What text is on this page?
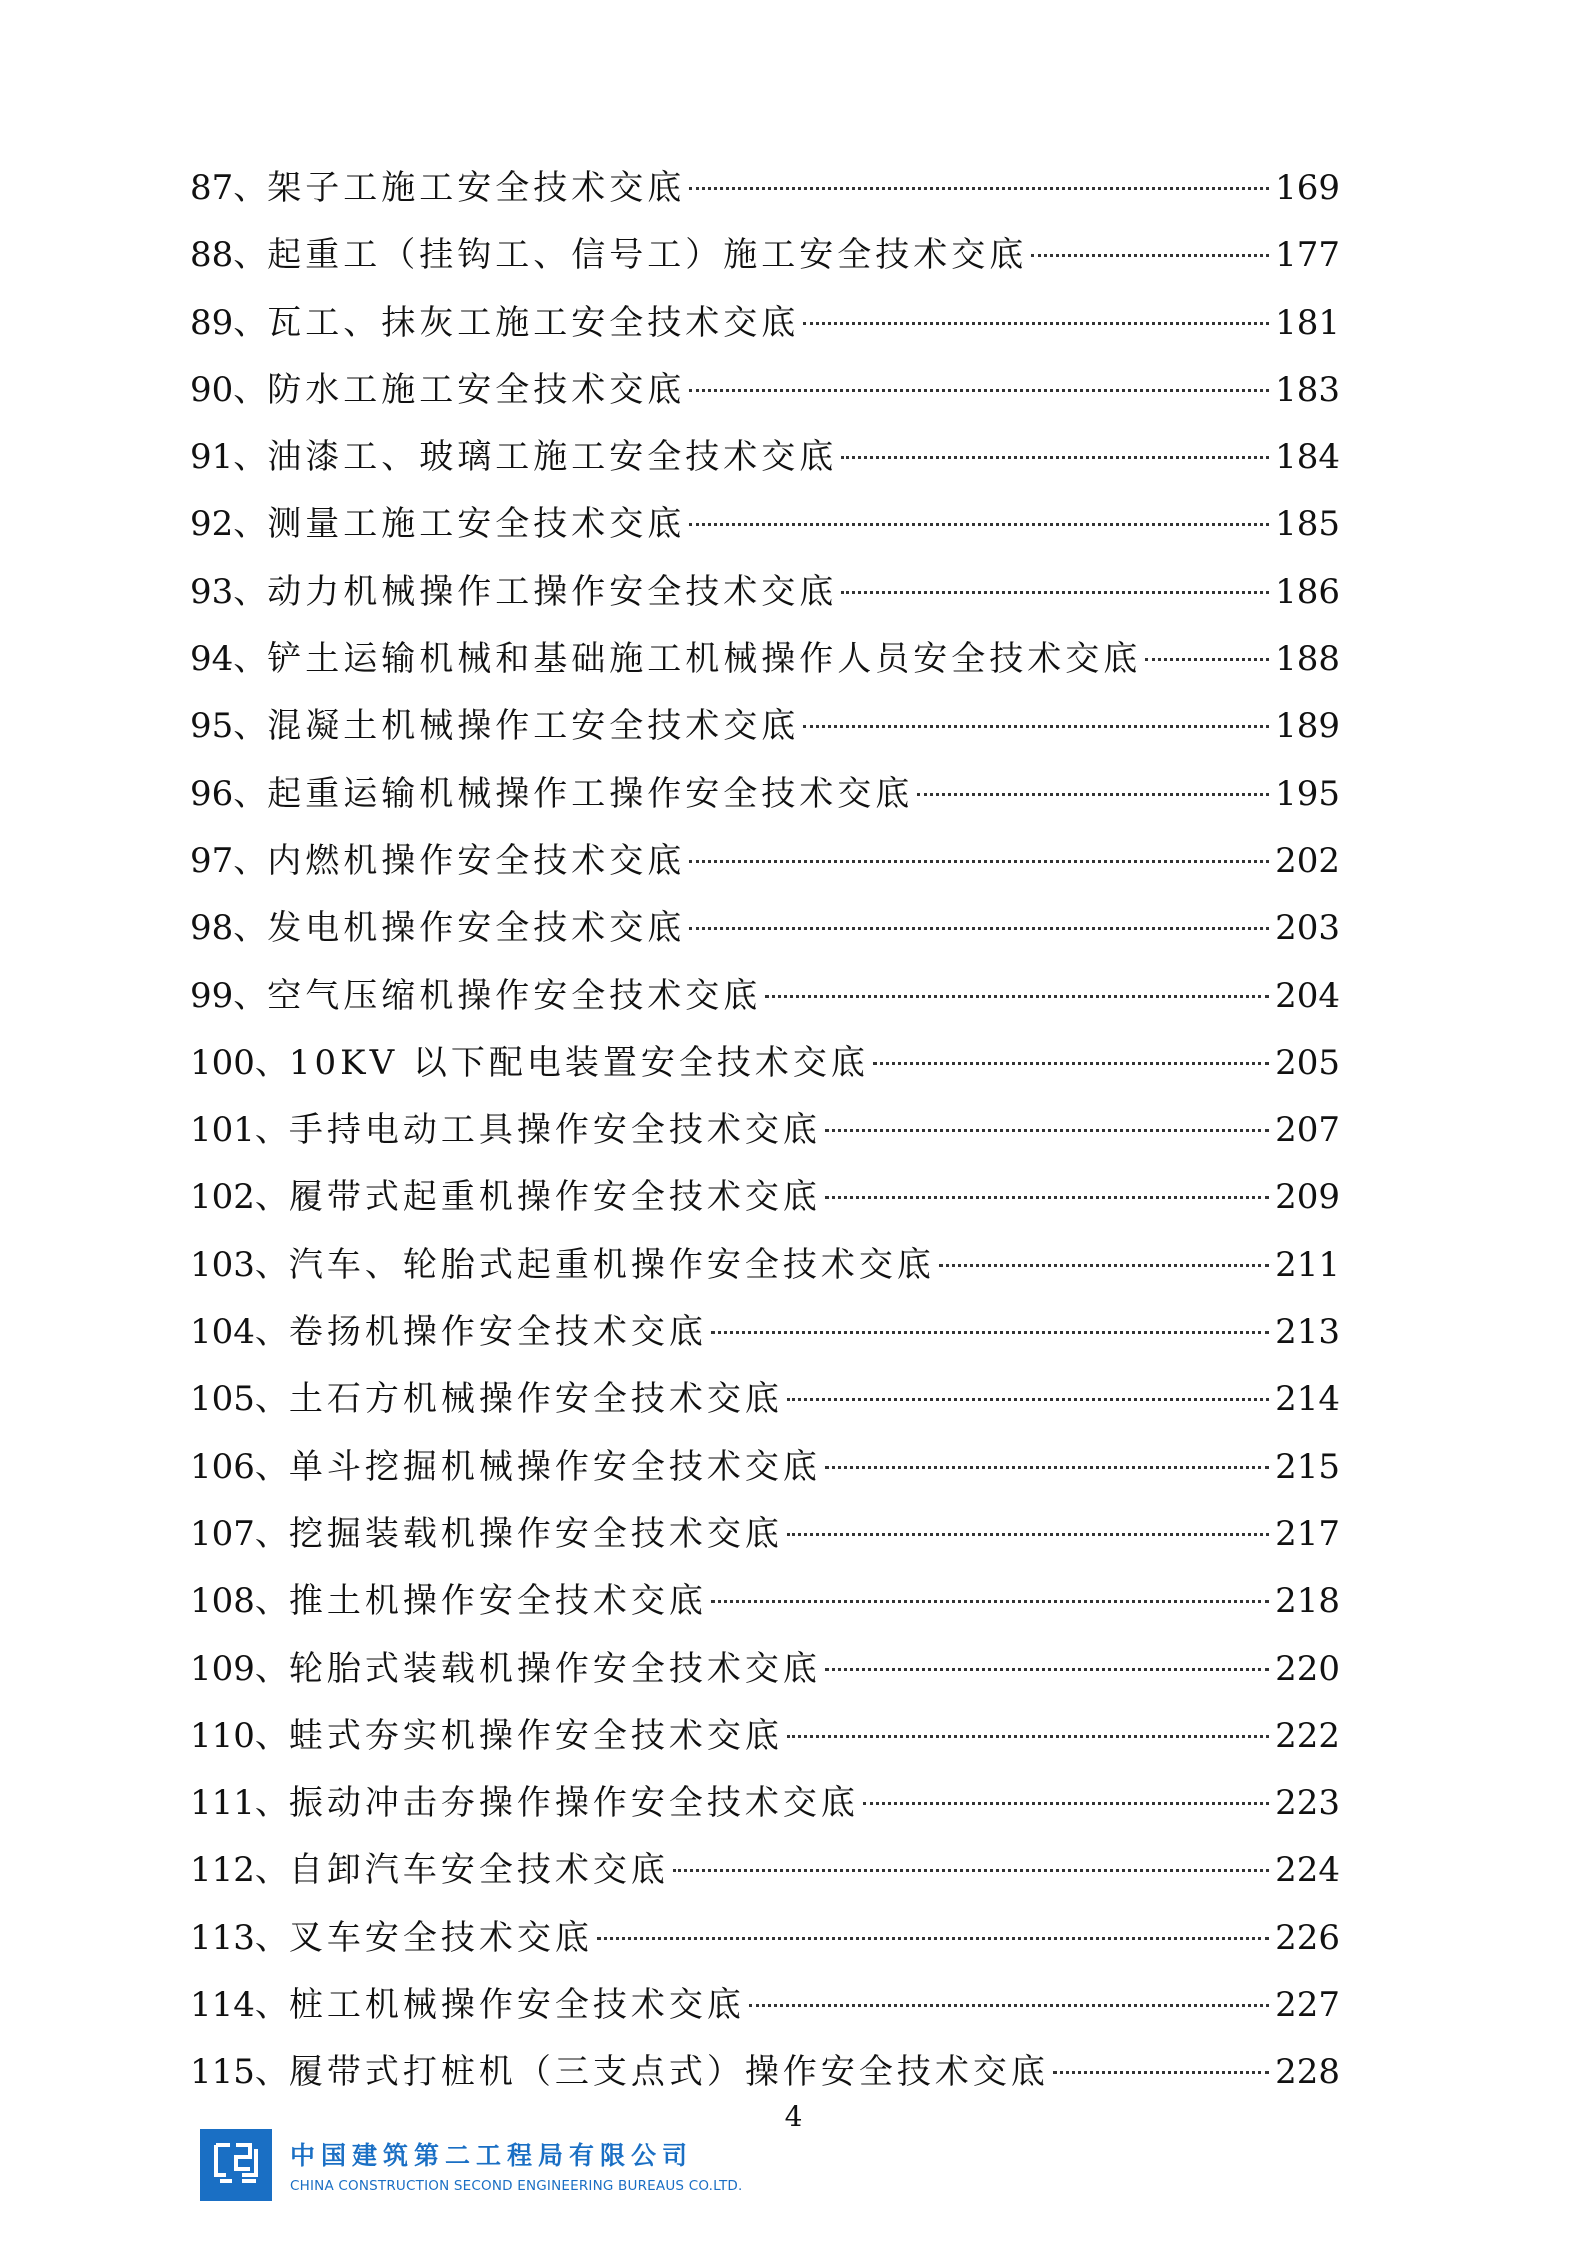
87、 架子工施工安全技术交底	169
88、 起重工（挂钩工、信号工）施工安全技术交底	177
89、 瓦工、抹灰工施工安全技术交底	181
90、 防水工施工安全技术交底	183
91、 油漆工、玻璃工施工安全技术交底	184
92、 测量工施工安全技术交底	185
93、 动力机械操作工操作安全技术交底	186
94、 铲土运输机械和基础施工机械操作人员安全技术交底	188
95、 混凝土机械操作工安全技术交底	189
96、 起重运输机械操作工操作安全技术交底	195
97、 内燃机操作安全技术交底	202
98、 发电机操作安全技术交底	203
99、 空气压缩机操作安全技术交底	204
100、 10KV 以下配电装置安全技术交底	205
101、 手持电动工具操作安全技术交底	207
102、 履带式起重机操作安全技术交底	209
103、 汽车、轮胎式起重机操作安全技术交底	211
104、 卷扬机操作安全技术交底	213
105、 土石方机械操作安全技术交底	214
106、 单斗挖掘机械操作安全技术交底	215
107、 挖掘装载机操作安全技术交底	217
108、 推土机操作安全技术交底	218
109、 轮胎式装载机操作安全技术交底	220
110、 蛙式夯实机操作安全技术交底	222
111、 振动冲击夯操作操作安全技术交底	223
112、 自卸汽车安全技术交底	224
113、 叉车安全技术交底	226
114、 桩工机械操作安全技术交底	227
115、 履带式打桩机（三支点式）操作安全技术交底	228
4
中国建筑第二工程局有限公司
CHINA CONSTRUCTION SECOND ENGINEERING BUREAUS CO.LTD.
